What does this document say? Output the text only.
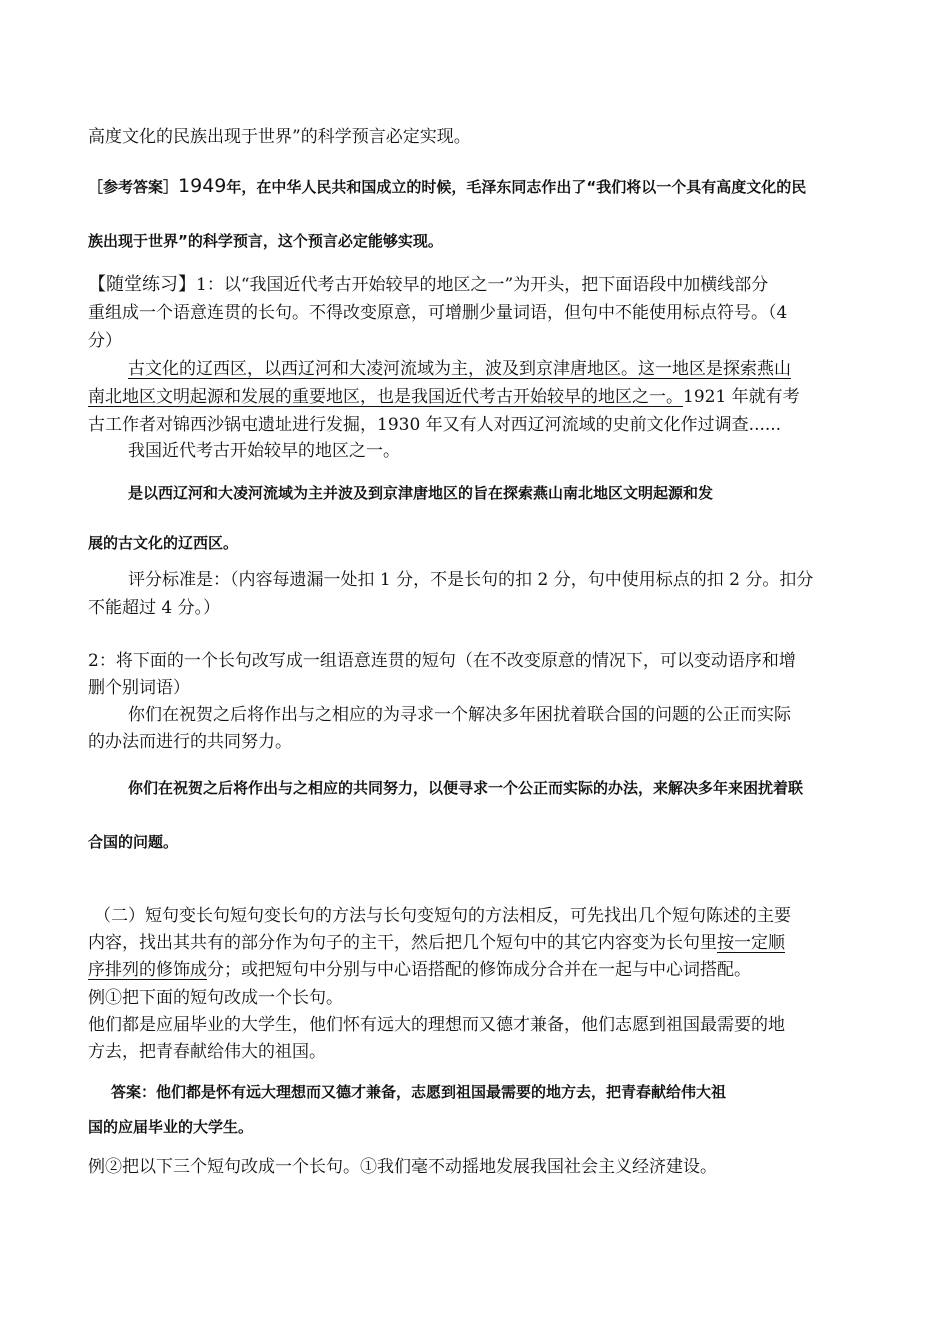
高度文化的民族出现于世界”的科学预言必定实现。

［参考答案］1949年，在中华人民共和国成立的时候，毛泽东同志作出了“我们将以一个具有高度文化的民

族出现于世界”的科学预言，这个预言必定能够实现。

【随堂练习】1：以“我国近代考古开始较早的地区之一”为开头，把下面语段中加横线部分

重组成一个语意连贯的长句。不得改变原意，可增删少量词语，但句中不能使用标点符号。（4

分）

古文化的辽西区，以西辽河和大凌河流域为主，波及到京津唐地区。这一地区是探索燕山

南北地区文明起源和发展的重要地区，也是我国近代考古开始较早的地区之一。1921 年就有考

古工作者对锦西沙锅屯遗址进行发掘，1930 年又有人对西辽河流域的史前文化作过调查......

我国近代考古开始较早的地区之一。

是以西辽河和大凌河流域为主并波及到京津唐地区的旨在探索燕山南北地区文明起源和发

展的古文化的辽西区。

评分标准是：（内容每遗漏一处扣 1 分，不是长句的扣 2 分，句中使用标点的扣 2 分。扣分

不能超过 4 分。）

2：将下面的一个长句改写成一组语意连贯的短句（在不改变原意的情况下，可以变动语序和增

删个别词语）

你们在祝贺之后将作出与之相应的为寻求一个解决多年困扰着联合国的问题的公正而实际

的办法而进行的共同努力。

你们在祝贺之后将作出与之相应的共同努力，以便寻求一个公正而实际的办法，来解决多年来困扰着联

合国的问题。

（二）短句变长句短句变长句的方法与长句变短句的方法相反，可先找出几个短句陈述的主要

内容，找出其共有的部分作为句子的主干，然后把几个短句中的其它内容变为长句里按一定顺

序排列的修饰成分；或把短句中分别与中心语搭配的修饰成分合并在一起与中心词搭配。

例①把下面的短句改成一个长句。

他们都是应届毕业的大学生，他们怀有远大的理想而又德才兼备，他们志愿到祖国最需要的地

方去，把青春献给伟大的祖国。

答案：他们都是怀有远大理想而又德才兼备，志愿到祖国最需要的地方去，把青春献给伟大祖

国的应届毕业的大学生。

例②把以下三个短句改成一个长句。①我们毫不动摇地发展我国社会主义经济建设。
